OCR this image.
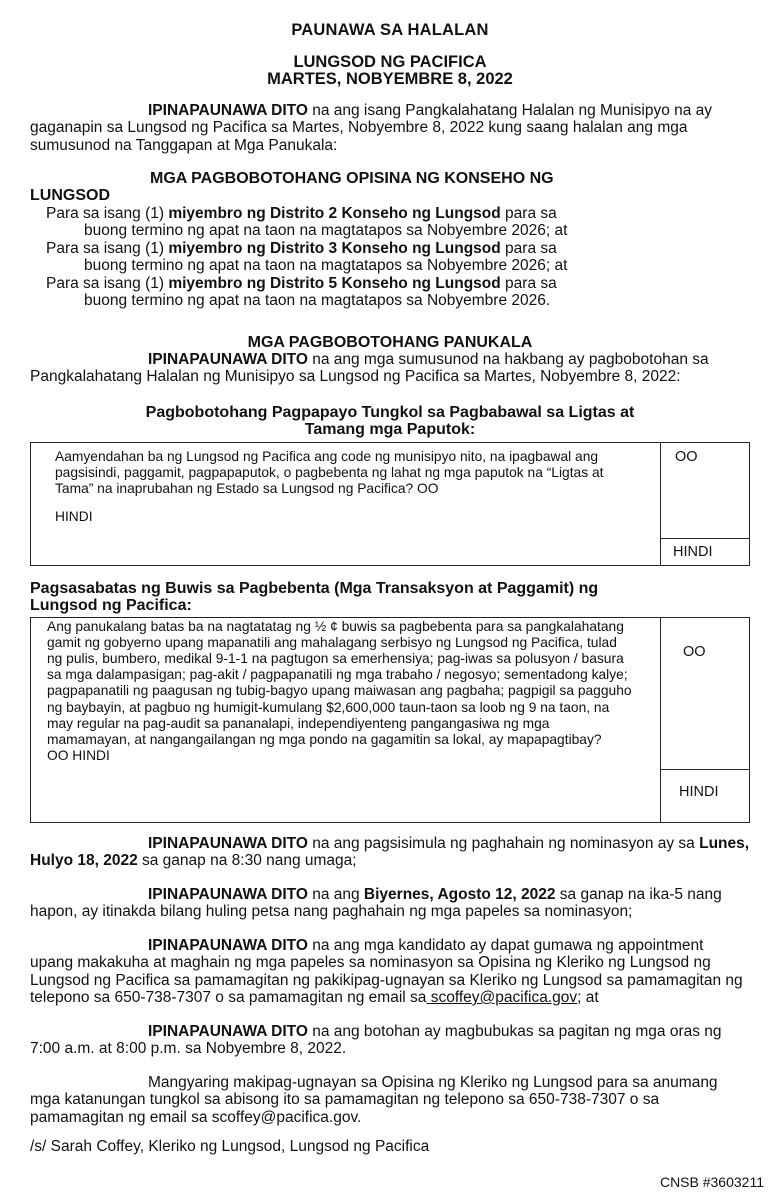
PAUNAWA SA HALALAN
LUNGSOD NG PACIFICA
MARTES, NOBYEMBRE 8, 2022

IPINAPAUNAWA DITO na ang isang Pangkalahatang Halalan ng Munisipyo na ay gaganapin sa Lungsod ng Pacifica sa Martes, Nobyembre 8, 2022 kung saang halalan ang mga sumusunod na Tanggapan at Mga Panukala:

MGA PAGBOBOTOHANG OPISINA NG KONSEHO NG
LUNGSOD
Para sa isang (1) miyembro ng Distrito 2 Konseho ng Lungsod para sa
buong termino ng apat na taon na magtatapos sa Nobyembre 2026; at
Para sa isang (1) miyembro ng Distrito 3 Konseho ng Lungsod para sa
buong termino ng apat na taon na magtatapos sa Nobyembre 2026; at
Para sa isang (1) miyembro ng Distrito 5 Konseho ng Lungsod para sa
buong termino ng apat na taon na magtatapos sa Nobyembre 2026.
MGA PAGBOBOTOHANG PANUKALA

IPINAPAUNAWA DITO na ang mga sumusunod na hakbang ay pagbobotohan sa Pangkalahatang Halalan ng Munisipyo sa Lungsod ng Pacifica sa Martes, Nobyembre 8, 2022:

Pagbobotohang Pagpapayo Tungkol sa Pagbabawal sa Ligtas at
Tamang mga Paputok:
Aamyendahan ba ng Lungsod ng Pacifica ang code ng munisipyo nito, na ipagbawal ang pagsisindi, paggamit, pagpapaputok, o pagbebenta ng lahat ng mga paputok na “Ligtas at Tama” na inaprubahan ng Estado sa Lungsod ng Pacifica? OO
HINDI
OO
HINDI
Pagsasabatas ng Buwis sa Pagbebenta (Mga Transaksyon at Paggamit) ng
Lungsod ng Pacifica:
Ang panukalang batas ba na nagtatatag ng ½ ¢ buwis sa pagbebenta para sa pangkalahatang gamit ng gobyerno upang mapanatili ang mahalagang serbisyo ng Lungsod ng Pacifica, tulad ng pulis, bumbero, medikal 9-1-1 na pagtugon sa emerhensiya; pag-iwas sa polusyon / basura sa mga dalampasigan; pag-akit / pagpapanatili ng mga trabaho / negosyo; sementadong kalye; pagpapanatili ng paagusan ng tubig-bagyo upang maiwasan ang pagbaha; pagpigil sa pagguho ng baybayin, at pagbuo ng humigit-kumulang $2,600,000 taun-taon sa loob ng 9 na taon, na may regular na pag-audit sa pananalapi, independiyenteng pangangasiwa ng mga mamamayan, at nangangailangan ng mga pondo na gagamitin sa lokal, ay mapapagtibay?
OO HINDI
OO
HINDI

IPINAPAUNAWA DITO na ang pagsisimula ng paghahain ng nominasyon ay sa Lunes, Hulyo 18, 2022 sa ganap na 8:30 nang umaga;

IPINAPAUNAWA DITO na ang Biyernes, Agosto 12, 2022 sa ganap na ika-5 nang hapon, ay itinakda bilang huling petsa nang paghahain ng mga papeles sa nominasyon;

IPINAPAUNAWA DITO na ang mga kandidato ay dapat gumawa ng appointment upang makakuha at maghain ng mga papeles sa nominasyon sa Opisina ng Kleriko ng Lungsod ng Lungsod ng Pacifica sa pamamagitan ng pakikipag-ugnayan sa Kleriko ng Lungsod sa pamamagitan ng telepono sa 650-738-7307 o sa pamamagitan ng email sa scoffey@pacifica.gov; at

IPINAPAUNAWA DITO na ang botohan ay magbubukas sa pagitan ng mga oras ng 7:00 a.m. at 8:00 p.m. sa Nobyembre 8, 2022.

Mangyaring makipag-ugnayan sa Opisina ng Kleriko ng Lungsod para sa anumang mga katanungan tungkol sa abisong ito sa pamamagitan ng telepono sa 650-738-7307 o sa pamamagitan ng email sa scoffey@pacifica.gov.

/s/ Sarah Coffey, Kleriko ng Lungsod, Lungsod ng Pacifica

CNSB #3603211
